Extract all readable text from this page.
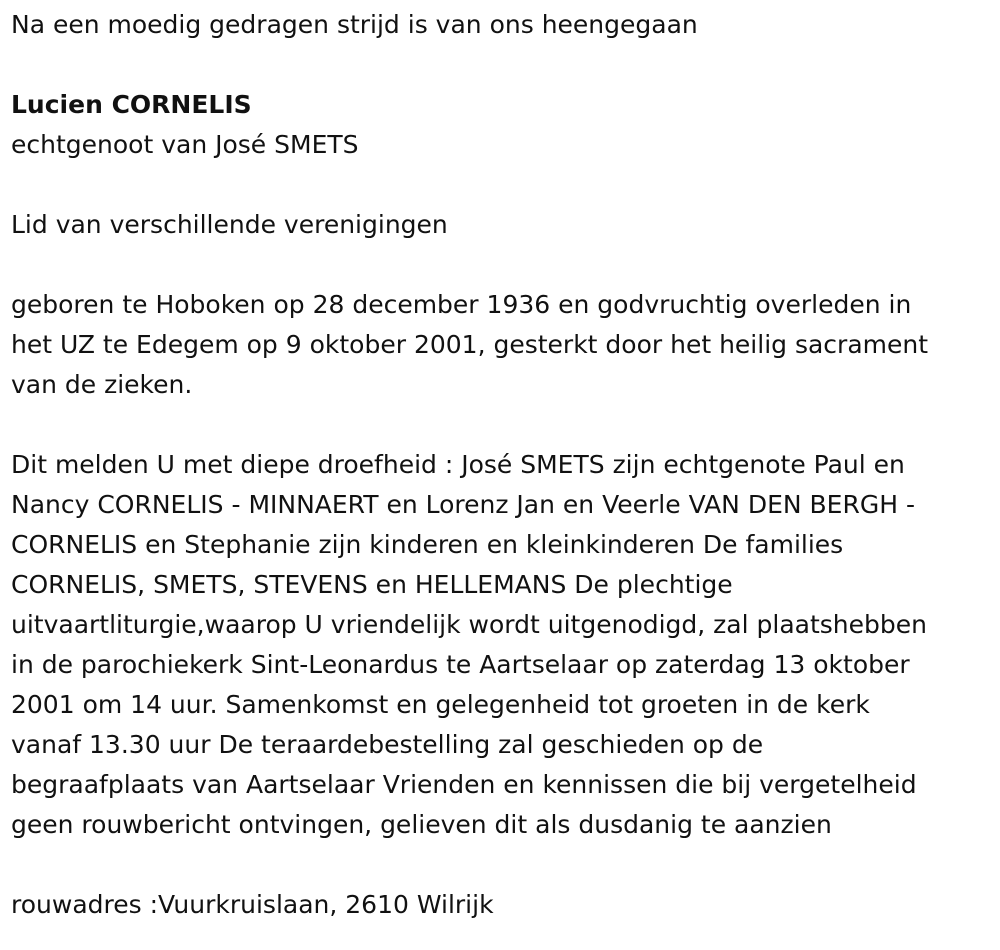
Na een moedig gedragen strijd is van ons heengegaan

Lucien CORNELIS

echtgenoot van José SMETS

Lid van verschillende verenigingen

geboren te Hoboken op 28 december 1936 en godvruchtig overleden in

het UZ te Edegem op 9 oktober 2001, gesterkt door het heilig sacrament

van de zieken.

Dit melden U met diepe droefheid : José SMETS zijn echtgenote Paul en

Nancy CORNELIS - MINNAERT en Lorenz Jan en Veerle VAN DEN BERGH -

CORNELIS en Stephanie zijn kinderen en kleinkinderen De families

CORNELIS, SMETS, STEVENS en HELLEMANS De plechtige

uitvaartliturgie,waarop U vriendelijk wordt uitgenodigd, zal plaatshebben

in de parochiekerk Sint-Leonardus te Aartselaar op zaterdag 13 oktober

2001 om 14 uur. Samenkomst en gelegenheid tot groeten in de kerk

vanaf 13.30 uur De teraardebestelling zal geschieden op de

begraafplaats van Aartselaar Vrienden en kennissen die bij vergetelheid

geen rouwbericht ontvingen, gelieven dit als dusdanig te aanzien

rouwadres :Vuurkruislaan, 2610 Wilrijk
